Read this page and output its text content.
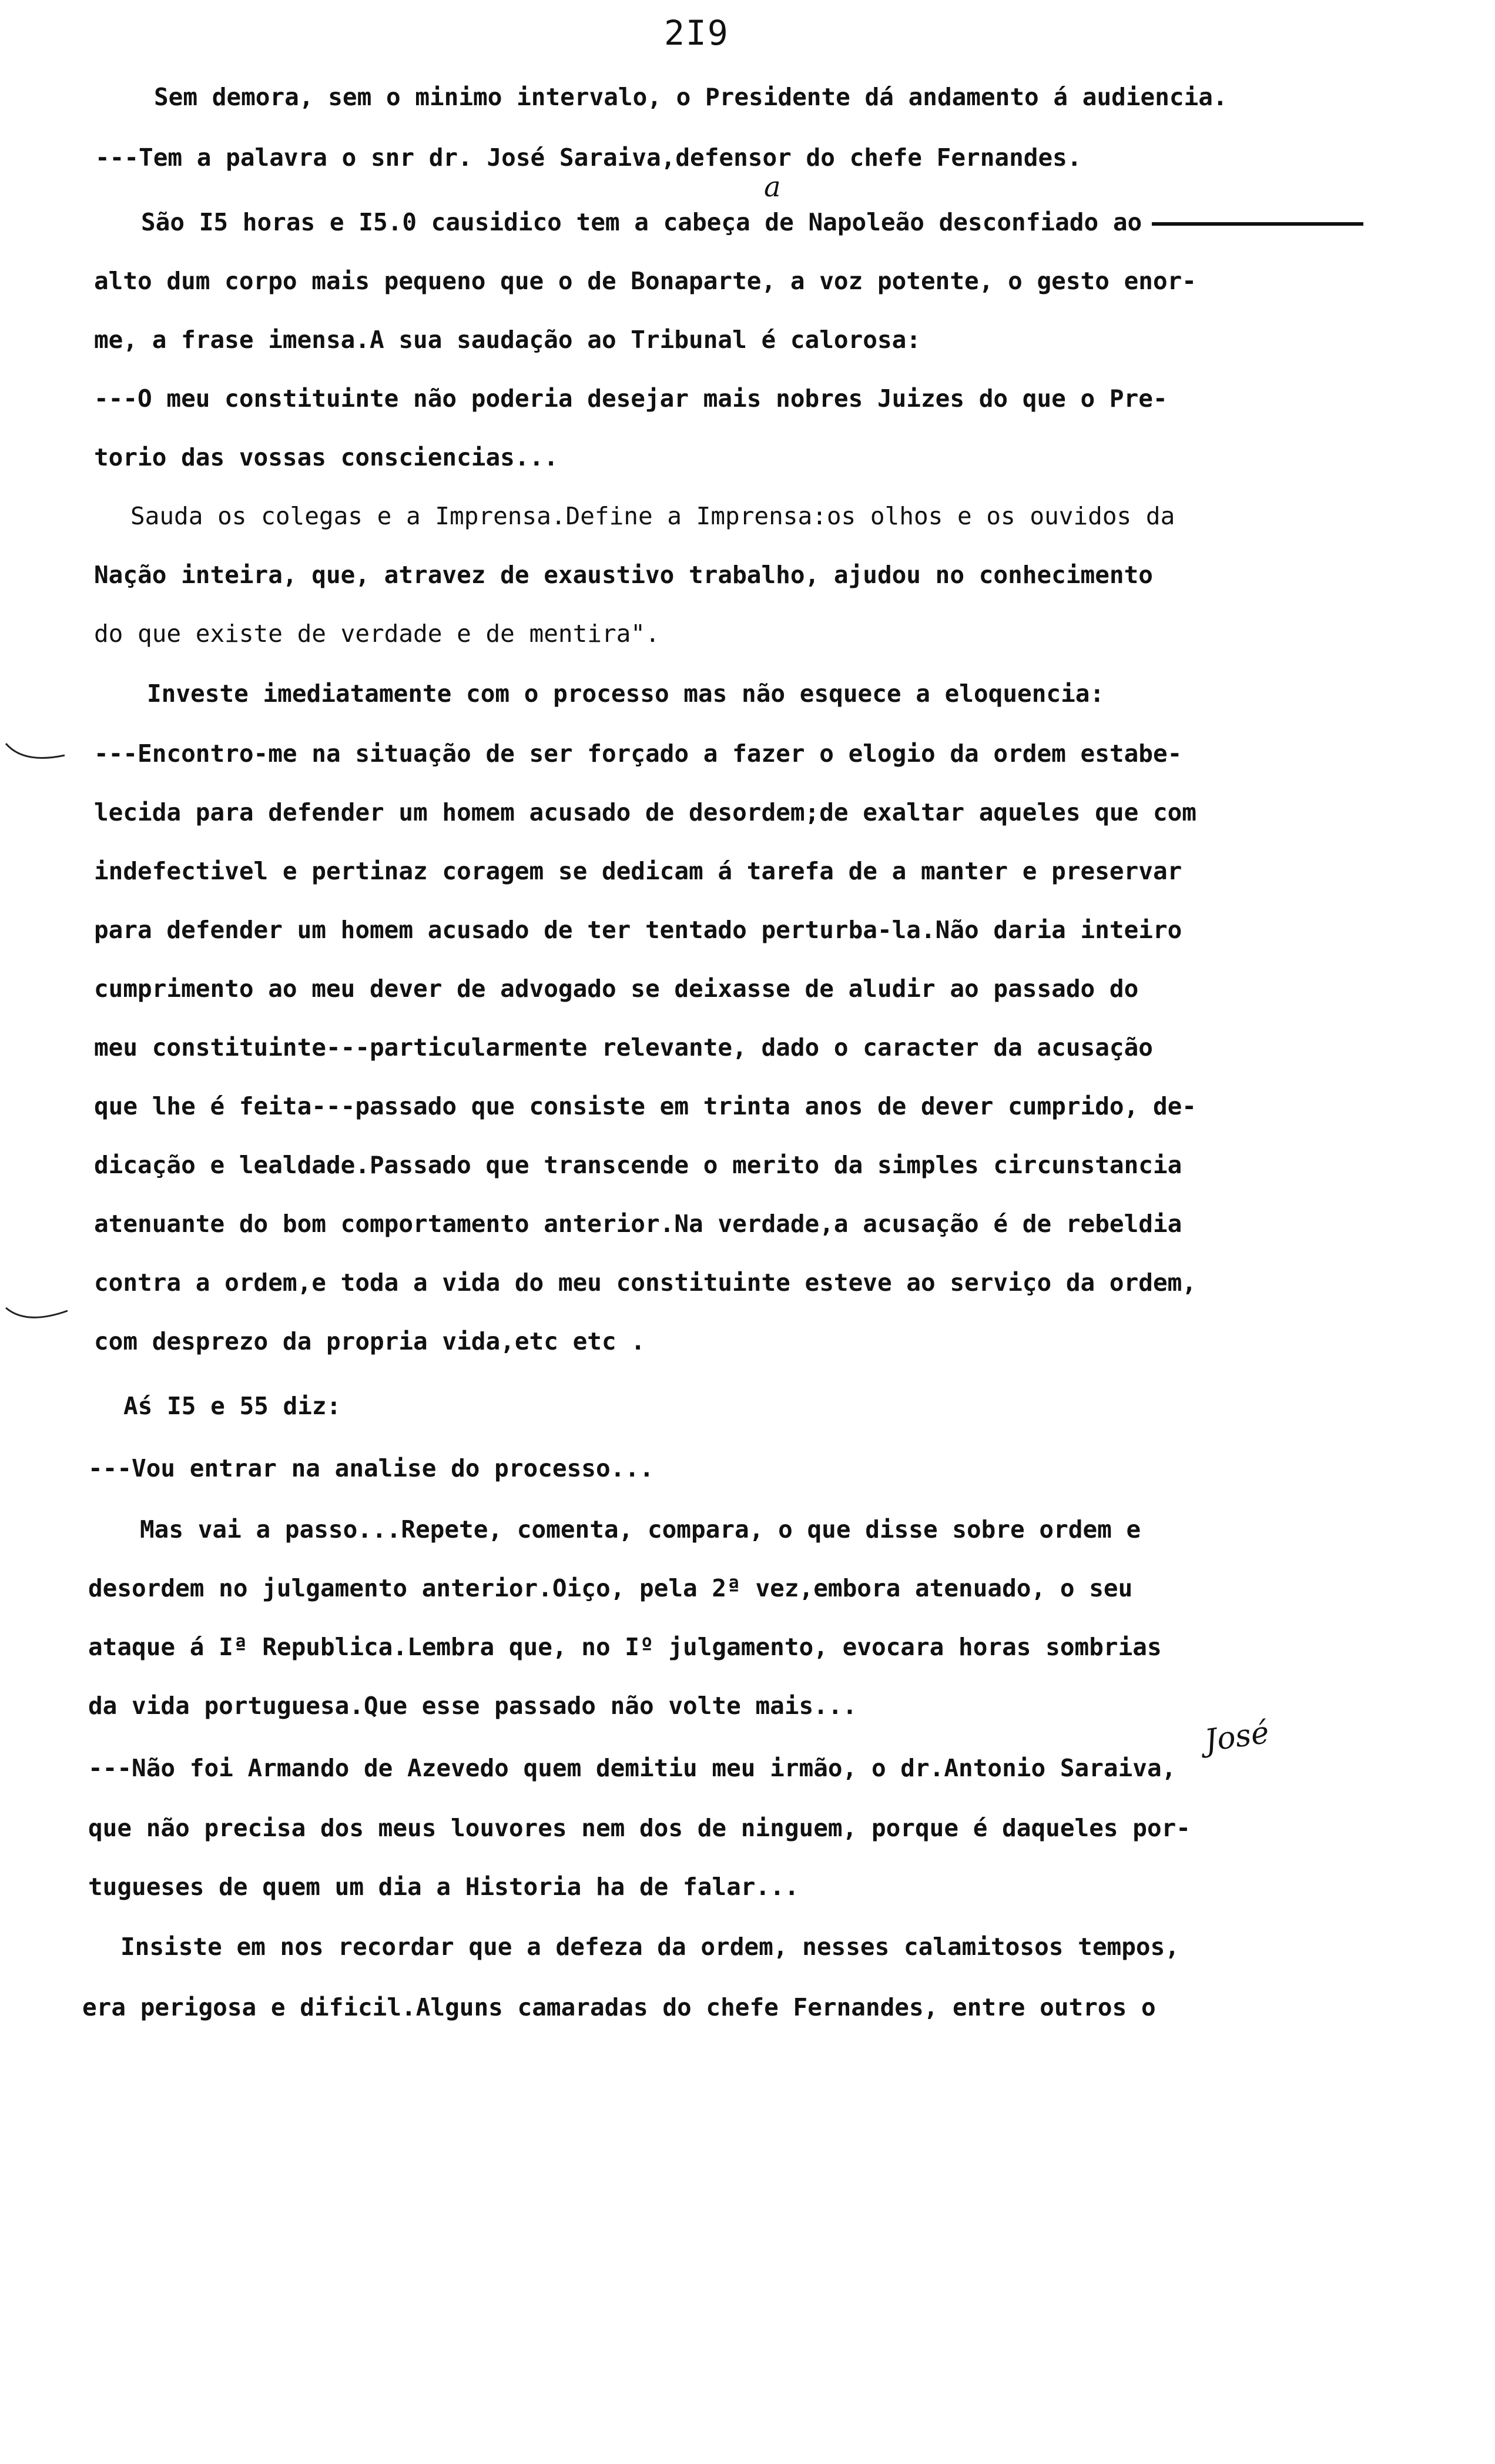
2I9
a
José
Sem demora, sem o minimo intervalo, o Presidente dá andamento á audiencia.
---Tem a palavra o snr dr. José Saraiva,defensor do chefe Fernandes.
São I5 horas e I5.0 causidico tem a cabeça de Napoleão desconfiado ao
alto dum corpo mais pequeno que o de Bonaparte, a voz potente, o gesto enor-
me, a frase imensa.A sua saudação ao Tribunal é calorosa:
---O meu constituinte não poderia desejar mais nobres Juizes do que o Pre-
torio das vossas consciencias...
Sauda os colegas e a Imprensa.Define a Imprensa:os olhos e os ouvidos da
Nação inteira, que, atravez de exaustivo trabalho, ajudou no conhecimento
do que existe de verdade e de mentira".
Investe imediatamente com o processo mas não esquece a eloquencia:
---Encontro-me na situação de ser forçado a fazer o elogio da ordem estabe-
lecida para defender um homem acusado de desordem;de exaltar aqueles que com
indefectivel e pertinaz coragem se dedicam á tarefa de a manter e preservar
para defender um homem acusado de ter tentado perturba-la.Não daria inteiro
cumprimento ao meu dever de advogado se deixasse de aludir ao passado do
meu constituinte---particularmente relevante, dado o caracter da acusação
que lhe é feita---passado que consiste em trinta anos de dever cumprido, de-
dicação e lealdade.Passado que transcende o merito da simples circunstancia
atenuante do bom comportamento anterior.Na verdade,a acusação é de rebeldia
contra a ordem,e toda a vida do meu constituinte esteve ao serviço da ordem,
com desprezo da propria vida,etc etc .
Aś I5 e 55 diz:
---Vou entrar na analise do processo...
Mas vai a passo...Repete, comenta, compara, o que disse sobre ordem e
desordem no julgamento anterior.Oiço, pela 2ª vez,embora atenuado, o seu
ataque á Iª Republica.Lembra que, no Iº julgamento, evocara horas sombrias
da vida portuguesa.Que esse passado não volte mais...
---Não foi Armando de Azevedo quem demitiu meu irmão, o dr.Antonio Saraiva,
que não precisa dos meus louvores nem dos de ninguem, porque é daqueles por-
tugueses de quem um dia a Historia ha de falar...
Insiste em nos recordar que a defeza da ordem, nesses calamitosos tempos,
era perigosa e dificil.Alguns camaradas do chefe Fernandes, entre outros o
